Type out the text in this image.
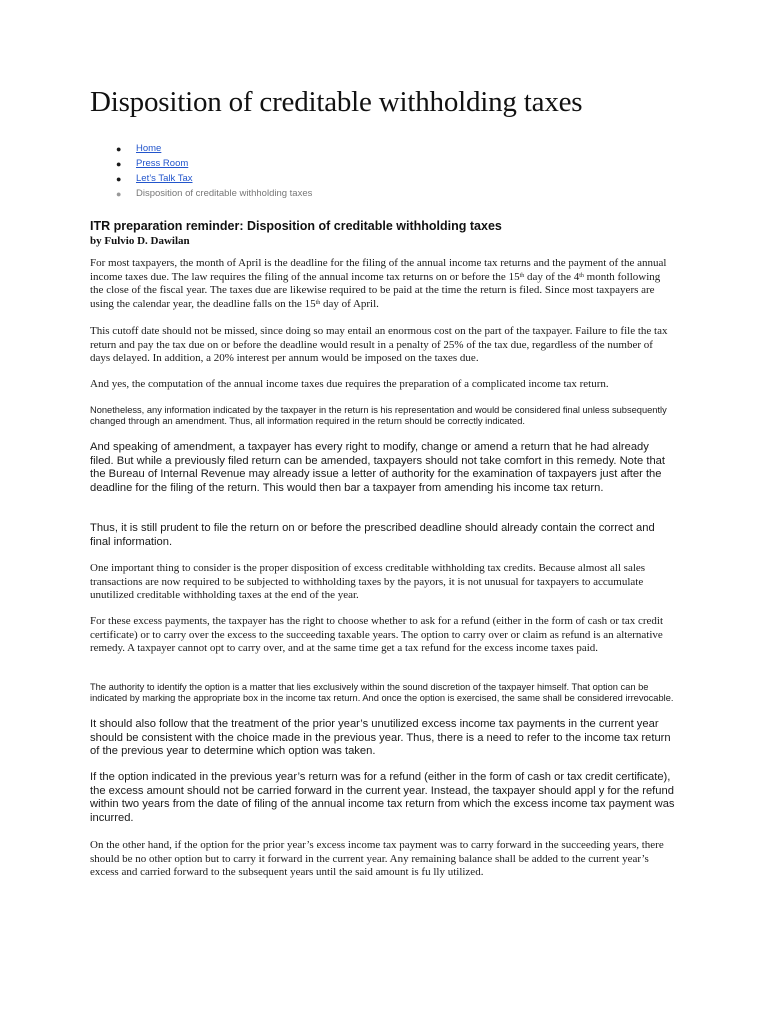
Disposition of creditable withholding taxes
● Home
● Press Room
● Let’s Talk Tax
● Disposition of creditable withholding taxes
ITR preparation reminder: Disposition of creditable withholding taxes
by Fulvio D. Dawilan

For most taxpayers, the month of April is the deadline for the filing of the annual income tax returns and the payment of the annual income taxes due. The law requires the filing of the annual income tax returns on or before the 15th day of the 4th month following the close of the fiscal year. The taxes due are likewise required to be paid at the time the return is filed. Since most taxpayers are using the calendar year, the deadline falls on the 15th day of April.

This cutoff date should not be missed, since doing so may entail an enormous cost on the part of the taxpayer. Failure to file the tax return and pay the tax due on or before the deadline would result in a penalty of 25% of the tax due, regardless of the number of days delayed. In addition, a 20% interest per annum would be imposed on the taxes due.

And yes, the computation of the annual income taxes due requires the preparation of a complicated income tax return.

Nonetheless, any information indicated by the taxpayer in the return is his representation and would be considered final unless subsequently changed through an amendment. Thus, all information required in the return should be correctly indicated.

And speaking of amendment, a taxpayer has every right to modify, change or amend a return that he had already filed. But while a previously filed return can be amended, taxpayers should not take comfort in this remedy. Note that the Bureau of Internal Revenue may already issue a letter of authority for the examination of taxpayers just after the deadline for the filing of the return. This would then bar a taxpayer from amending his income tax return.

Thus, it is still prudent to file the return on or before the prescribed deadline should already contain the correct and final information.

One important thing to consider is the proper disposition of excess creditable withholding tax credits. Because almost all sales transactions are now required to be subjected to withholding taxes by the payors, it is not unusual for taxpayers to accumulate unutilized creditable withholding taxes at the end of the year.

For these excess payments, the taxpayer has the right to choose whether to ask for a refund (either in the form of cash or tax credit certificate) or to carry over the excess to the succeeding taxable years. The option to carry over or claim as refund is an alternative remedy. A taxpayer cannot opt to carry over, and at the same time get a tax refund for the excess income taxes paid.

The authority to identify the option is a matter that lies exclusively within the sound discretion of the taxpayer himself. That option can be indicated by marking the appropriate box in the income tax return. And once the option is exercised, the same shall be considered irrevocable.

It should also follow that the treatment of the prior year’s unutilized excess income tax payments in the current year should be consistent with the choice made in the previous year. Thus, there is a need to refer to the income tax return of the previous year to determine which option was taken.

If the option indicated in the previous year’s return was for a refund (either in the form of cash or tax credit certificate), the excess amount should not be carried forward in the current year. Instead, the taxpayer should appl y for the refund within two years from the date of filing of the annual income tax return from which the excess income tax payment was incurred.

On the other hand, if the option for the prior year’s excess income tax payment was to carry forward in the succeeding years, there should be no other option but to carry it forward in the current year. Any remaining balance shall be added to the current year’s excess and carried forward to the subsequent years until the said amount is fu lly utilized.
